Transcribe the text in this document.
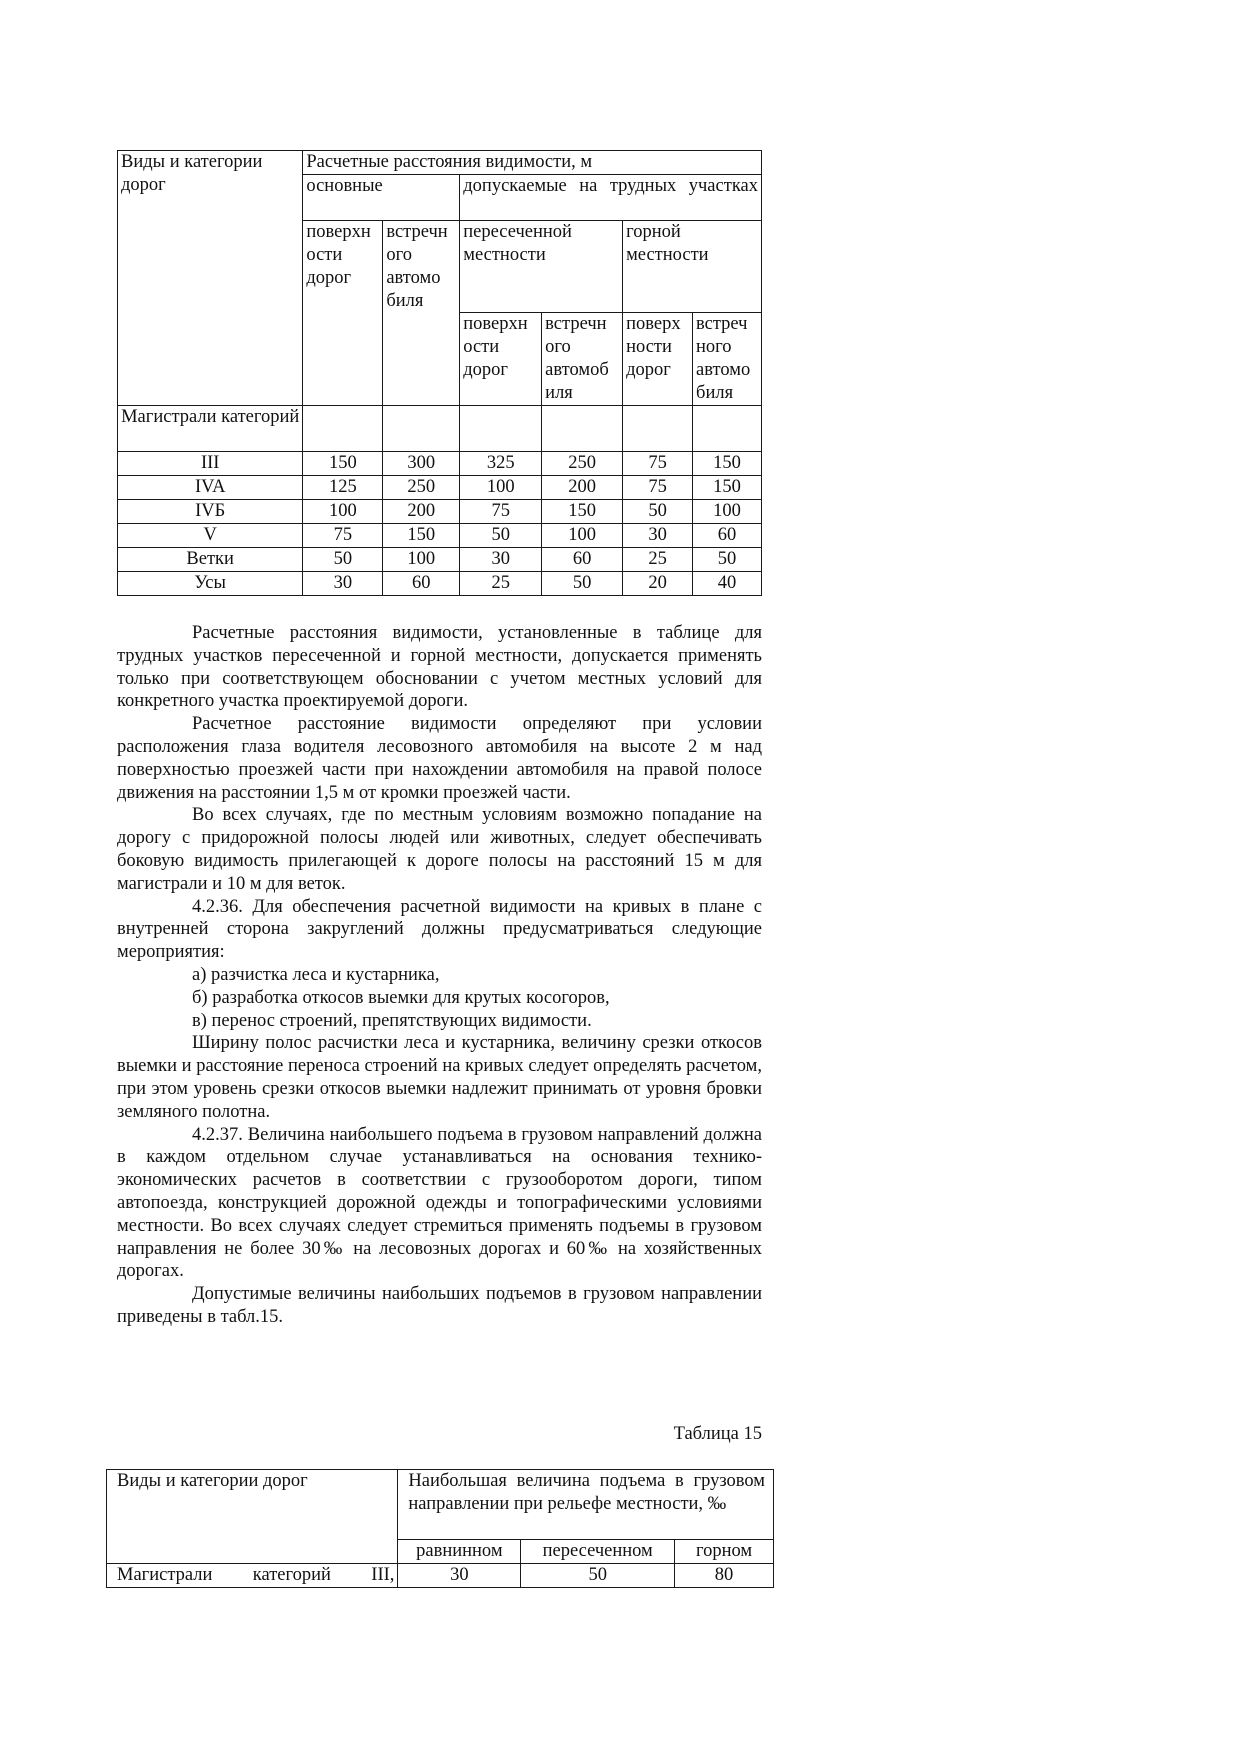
Виды и категории дорог	Расчетные расстояния видимости, м					
	основные		допускаемые на трудных участках			
	поверхн ости дорог	встречн ого автомо биля	пересеченной местности		горной местности	
			поверхн ости дорог	встречн ого автомоб иля	поверх ности дорог	встреч ного автомо биля
Магистрали категорий						
III	150	300	325	250	75	150
IVA	125	250	100	200	75	150
IVБ	100	200	75	150	50	100
V	75	150	50	100	30	60
Ветки	50	100	30	60	25	50
Усы	30	60	25	50	20	40

Расчетные расстояния видимости, установленные в таблице для трудных участков пересеченной и горной местности, допускается применять только при соответствующем обосновании с учетом местных условий для конкретного участка проектируемой дороги.

Расчетное расстояние видимости определяют при условии расположения глаза водителя лесовозного автомобиля на высоте 2 м над поверхностью проезжей части при нахождении автомобиля на правой полосе движения на расстоянии 1,5 м от кромки проезжей части.

Во всех случаях, где по местным условиям возможно попадание на дорогу с придорожной полосы людей или животных, следует обеспечивать боковую видимость прилегающей к дороге полосы на расстояний 15 м для магистрали и 10 м для веток.

4.2.36. Для обеспечения расчетной видимости на кривых в плане с внутренней сторона закруглений должны предусматриваться следующие мероприятия:

а) разчистка леса и кустарника,

б) разработка откосов выемки для крутых косогоров,

в) перенос строений, препятствующих видимости.

Ширину полос расчистки леса и кустарника, величину срезки откосов выемки и расстояние переноса строений на кривых следует определять расчетом, при этом уровень срезки откосов выемки надлежит принимать от уровня бровки земляного полотна.

4.2.37. Величина наибольшего подъема в грузовом направлений должна в каждом отдельном случае устанавливаться на основания технико-экономических расчетов в соответствии с грузооборотом дороги, типом автопоезда, конструкцией дорожной одежды и топографическими условиями местности. Во всех случаях следует стремиться применять подъемы в грузовом направления не более 30‰ на лесовозных дорогах и 60‰ на хозяйственных дорогах.

Допустимые величины наибольших подъемов в грузовом направлении приведены в табл.15.

Таблица 15
Виды и категории дорог	Наибольшая величина подъема в грузовом направлении при рельефе местности, ‰		
	равнинном	пересеченном	горном
Магистрали категорий III,	30	50	80
